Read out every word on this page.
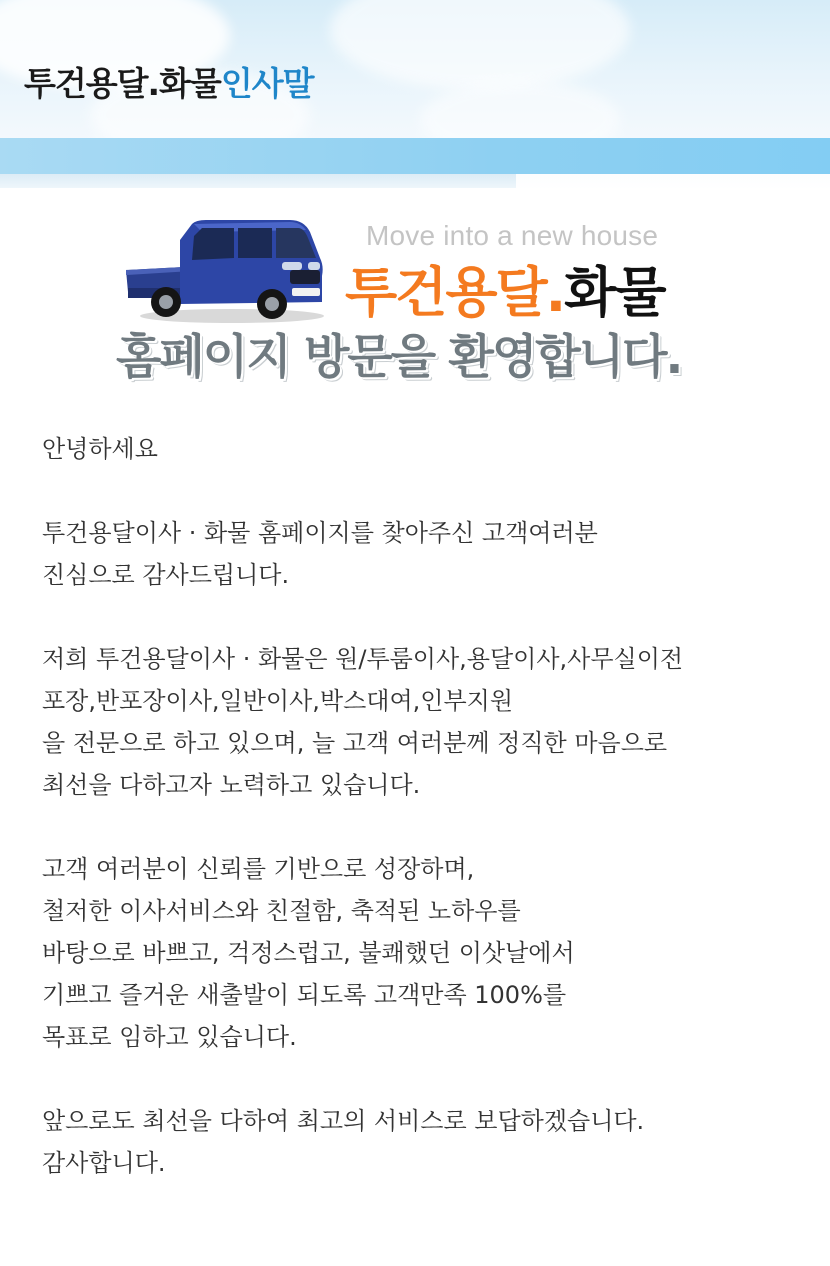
투건용달.화물인사말
Move into a new house
투건용달.화물
홈페이지 방문을 환영합니다.

안녕하세요

투건용달이사 · 화물 홈페이지를 찾아주신 고객여러분

진심으로 감사드립니다.

저희 투건용달이사 · 화물은 원/투룸이사,용달이사,사무실이전

포장,반포장이사,일반이사,박스대여,인부지원

을 전문으로 하고 있으며, 늘 고객 여러분께 정직한 마음으로

최선을 다하고자 노력하고 있습니다.

고객 여러분이 신뢰를 기반으로 성장하며,

철저한 이사서비스와 친절함, 축적된 노하우를

바탕으로 바쁘고, 걱정스럽고, 불쾌했던 이삿날에서

기쁘고 즐거운 새출발이 되도록 고객만족 100%를

목표로 임하고 있습니다.

앞으로도 최선을 다하여 최고의 서비스로 보답하겠습니다.

감사합니다.
